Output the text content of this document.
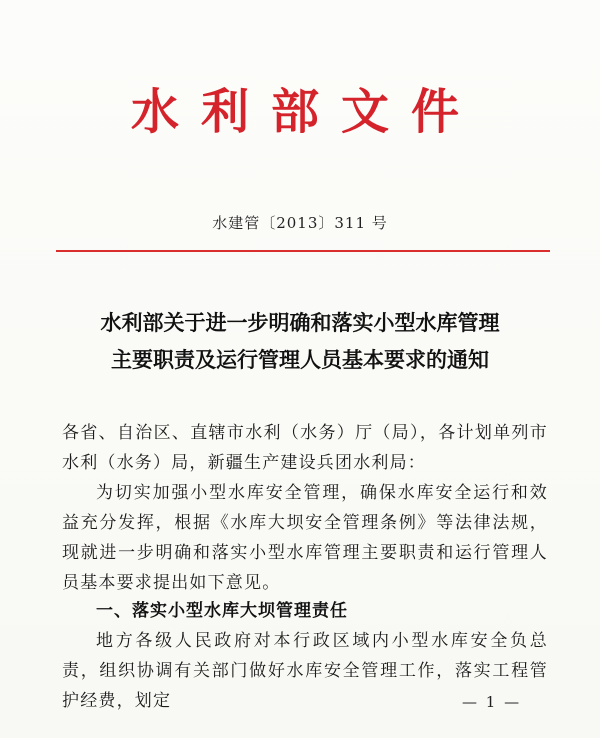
水利部文件
水建管〔2013〕311 号
水利部关于进一步明确和落实小型水库管理
主要职责及运行管理人员基本要求的通知
各省、自治区、直辖市水利（水务）厅（局），各计划单列市水利（水务）局，新疆生产建设兵团水利局：
为切实加强小型水库安全管理，确保水库安全运行和效益充分发挥，根据《水库大坝安全管理条例》等法律法规，现就进一步明确和落实小型水库管理主要职责和运行管理人员基本要求提出如下意见。
一、落实小型水库大坝管理责任
地方各级人民政府对本行政区域内小型水库安全负总责，组织协调有关部门做好水库安全管理工作，落实工程管护经费，划定	— 1 —
